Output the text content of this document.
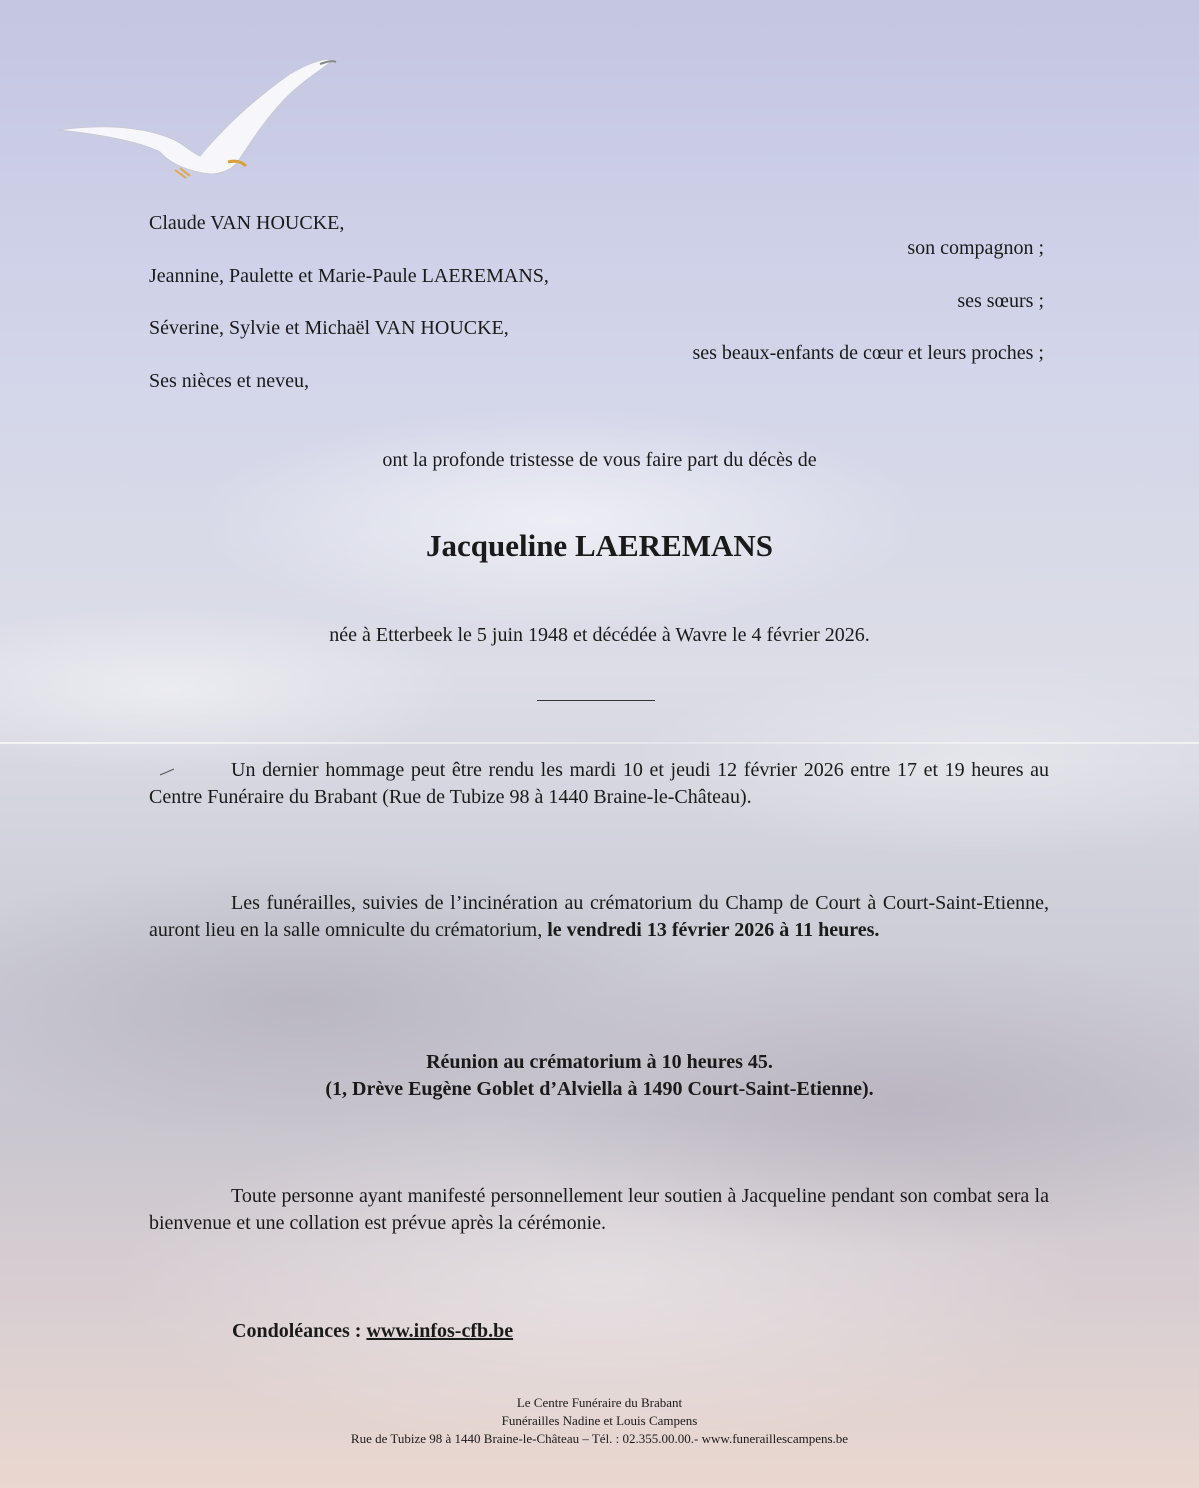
Claude VAN HOUCKE,
son compagnon ;
Jeannine, Paulette et Marie-Paule LAEREMANS,
ses sœurs ;
Séverine, Sylvie et Michaël VAN HOUCKE,
ses beaux-enfants de cœur et leurs proches ;
Ses nièces et neveu,
ont la profonde tristesse de vous faire part du décès de
Jacqueline LAEREMANS
née à Etterbeek le 5 juin 1948 et décédée à Wavre le 4 février 2026.
Un dernier hommage peut être rendu les mardi 10 et jeudi 12 février 2026 entre 17 et 19 heures au Centre Funéraire du Brabant (Rue de Tubize 98 à 1440 Braine-le-Château).
Les funérailles, suivies de l’incinération au crématorium du Champ de Court à Court-Saint-Etienne, auront lieu en la salle omniculte du crématorium, le vendredi 13 février 2026 à 11 heures.
Réunion au crématorium à 10 heures 45.
(1, Drève Eugène Goblet d’Alviella à 1490 Court-Saint-Etienne).
Toute personne ayant manifesté personnellement leur soutien à Jacqueline pendant son combat sera la bienvenue et une collation est prévue après la cérémonie.
Condoléances : www.infos-cfb.be
Le Centre Funéraire du Brabant
Funérailles Nadine et Louis Campens
Rue de Tubize 98 à 1440 Braine-le-Château – Tél. : 02.355.00.00.- www.funeraillescampens.be
